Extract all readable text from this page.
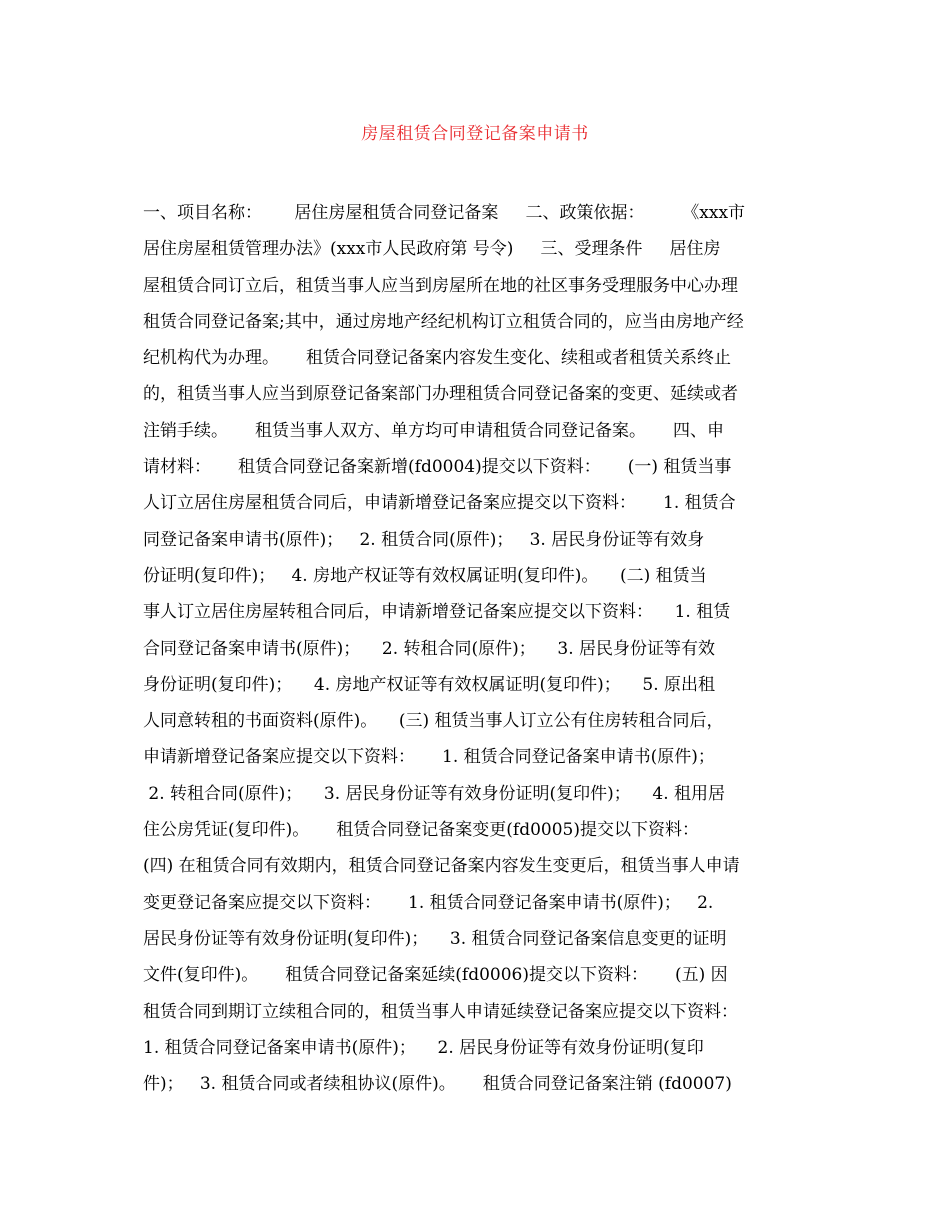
房屋租赁合同登记备案申请书
一、项目名称：      居住房屋租赁合同登记备案     二、政策依据：       《xxx市
居住房屋租赁管理办法》(xxx市人民政府第 号令)     三、受理条件     居住房
屋租赁合同订立后，租赁当事人应当到房屋所在地的社区事务受理服务中心办理
租赁合同登记备案;其中，通过房地产经纪机构订立租赁合同的，应当由房地产经
纪机构代为办理。     租赁合同登记备案内容发生变化、续租或者租赁关系终止
的，租赁当事人应当到原登记备案部门办理租赁合同登记备案的变更、延续或者
注销手续。     租赁当事人双方、单方均可申请租赁合同登记备案。     四、申
请材料：     租赁合同登记备案新增(fd0004)提交以下资料：     (一) 租赁当事
人订立居住房屋租赁合同后，申请新增登记备案应提交以下资料：     1. 租赁合
同登记备案申请书(原件)；   2. 租赁合同(原件)；   3. 居民身份证等有效身
份证明(复印件)；   4. 房地产权证等有效权属证明(复印件)。    (二) 租赁当
事人订立居住房屋转租合同后，申请新增登记备案应提交以下资料：    1. 租赁
合同登记备案申请书(原件)；    2. 转租合同(原件)；    3. 居民身份证等有效
身份证明(复印件)；    4. 房地产权证等有效权属证明(复印件)；    5. 原出租
人同意转租的书面资料(原件)。    (三) 租赁当事人订立公有住房转租合同后，
申请新增登记备案应提交以下资料：     1. 租赁合同登记备案申请书(原件)；
2. 转租合同(原件)；    3. 居民身份证等有效身份证明(复印件)；    4. 租用居
住公房凭证(复印件)。     租赁合同登记备案变更(fd0005)提交以下资料：
(四) 在租赁合同有效期内，租赁合同登记备案内容发生变更后，租赁当事人申请
变更登记备案应提交以下资料：     1. 租赁合同登记备案申请书(原件)；   2.
居民身份证等有效身份证明(复印件)；    3. 租赁合同登记备案信息变更的证明
文件(复印件)。     租赁合同登记备案延续(fd0006)提交以下资料：     (五) 因
租赁合同到期订立续租合同的，租赁当事人申请延续登记备案应提交以下资料：
1. 租赁合同登记备案申请书(原件)；    2. 居民身份证等有效身份证明(复印
件)；   3. 租赁合同或者续租协议(原件)。     租赁合同登记备案注销 (fd0007)
